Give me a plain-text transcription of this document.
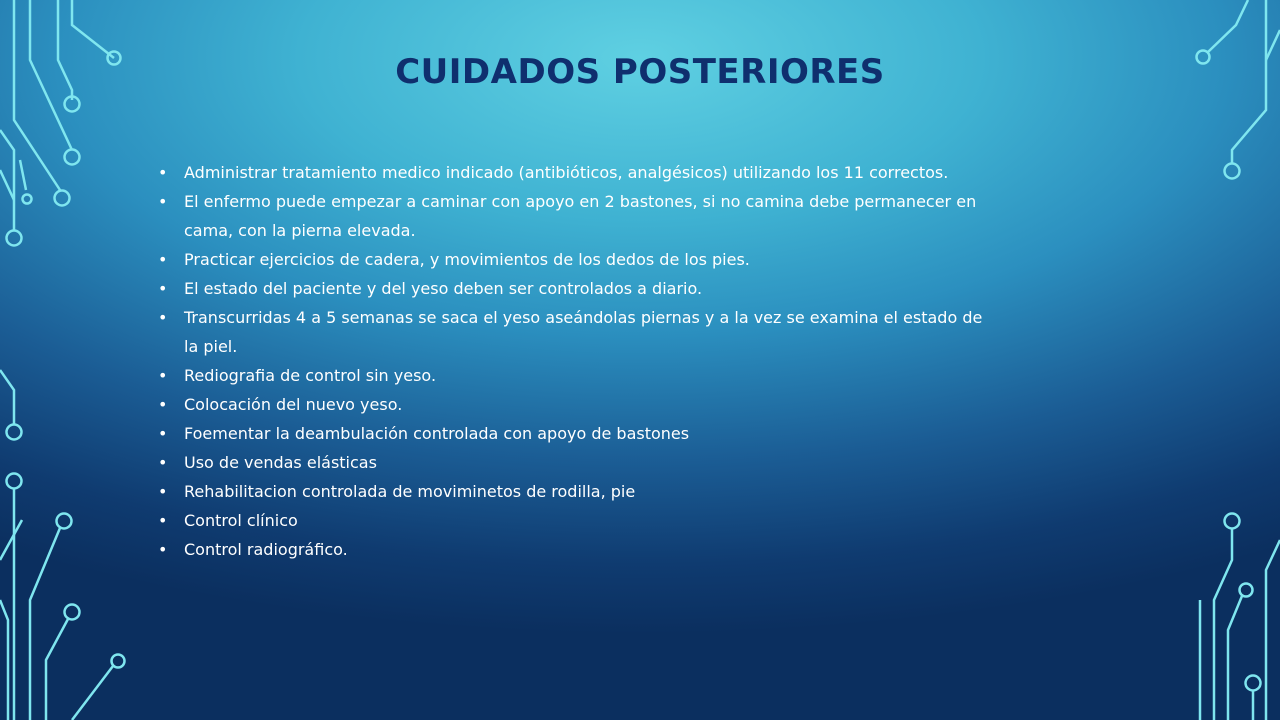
CUIDADOS POSTERIORES
• Administrar tratamiento medico indicado (antibióticos, analgésicos) utilizando los 11 correctos.
• El enfermo puede empezar a caminar con apoyo en 2 bastones, si no camina debe permanecer en cama, con la pierna elevada.
• Practicar ejercicios de cadera, y movimientos de los dedos de los pies.
• El estado del paciente y del yeso deben ser controlados a diario.
• Transcurridas 4 a 5 semanas se saca el yeso aseándolas piernas y a la vez se examina el estado de la piel.
• Rediografia de control sin yeso.
• Colocación del nuevo yeso.
• Foementar la deambulación controlada con apoyo de bastones
• Uso de vendas elásticas
• Rehabilitacion controlada de moviminetos de rodilla, pie
• Control clínico
• Control radiográfico.
